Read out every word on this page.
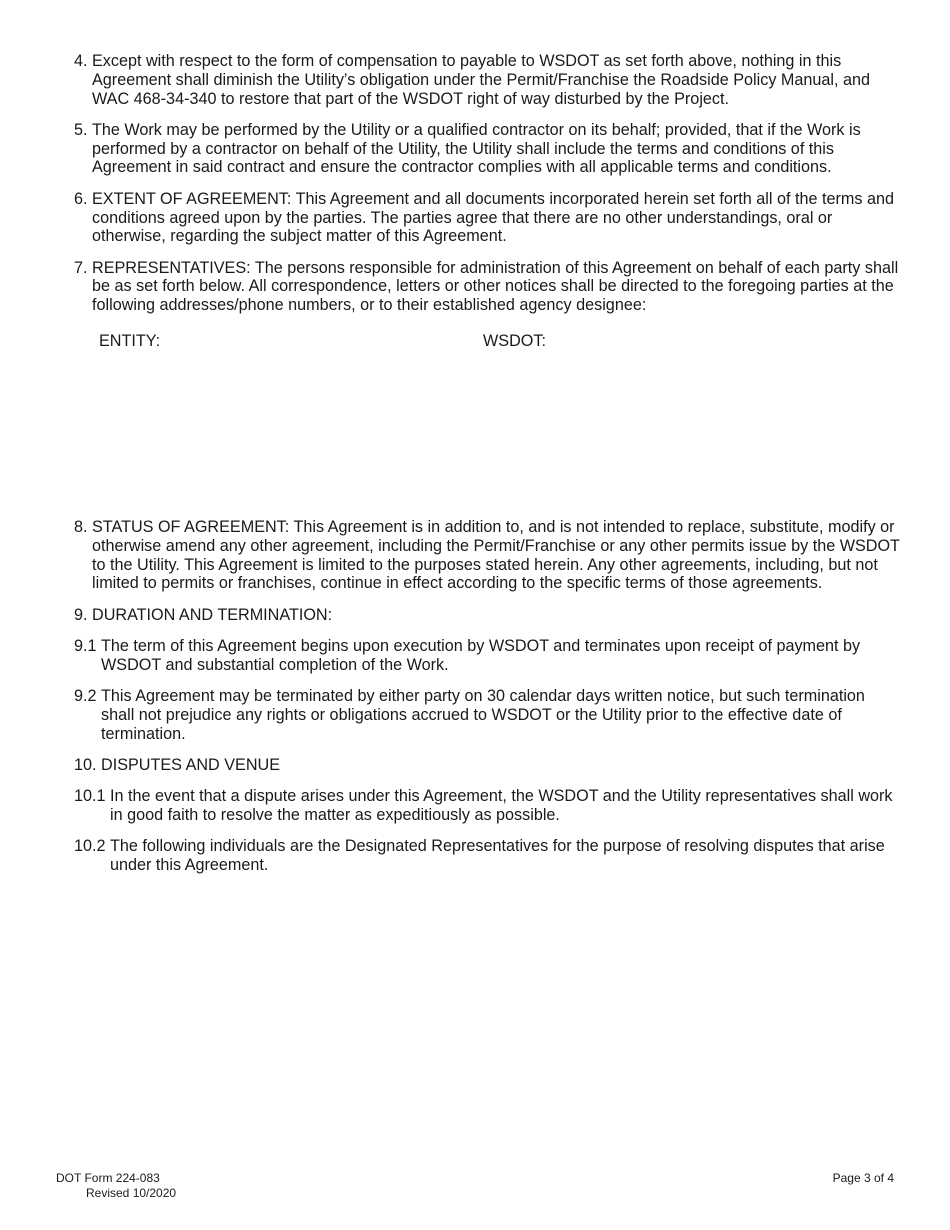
4. Except with respect to the form of compensation to payable to WSDOT as set forth above, nothing in this Agreement shall diminish the Utility’s obligation under the Permit/Franchise the Roadside Policy Manual, and WAC 468-34-340 to restore that part of the WSDOT right of way disturbed by the Project.
5. The Work may be performed by the Utility or a qualified contractor on its behalf; provided, that if the Work is performed by a contractor on behalf of the Utility, the Utility shall include the terms and conditions of this Agreement in said contract and ensure the contractor complies with all applicable terms and conditions.
6. EXTENT OF AGREEMENT: This Agreement and all documents incorporated herein set forth all of the terms and conditions agreed upon by the parties. The parties agree that there are no other understandings, oral or otherwise, regarding the subject matter of this Agreement.
7. REPRESENTATIVES: The persons responsible for administration of this Agreement on behalf of each party shall be as set forth below. All correspondence, letters or other notices shall be directed to the foregoing parties at the following addresses/phone numbers, or to their established agency designee:
ENTITY:	WSDOT:
8. STATUS OF AGREEMENT: This Agreement is in addition to, and is not intended to replace, substitute, modify or otherwise amend any other agreement, including the Permit/Franchise or any other permits issue by the WSDOT to the Utility. This Agreement is limited to the purposes stated herein. Any other agreements, including, but not limited to permits or franchises, continue in effect according to the specific terms of those agreements.
9. DURATION AND TERMINATION:
9.1 The term of this Agreement begins upon execution by WSDOT and terminates upon receipt of payment by WSDOT and substantial completion of the Work.
9.2 This Agreement may be terminated by either party on 30 calendar days written notice, but such termination shall not prejudice any rights or obligations accrued to WSDOT or the Utility prior to the effective date of termination.
10. DISPUTES AND VENUE
10.1 In the event that a dispute arises under this Agreement, the WSDOT and the Utility representatives shall work in good faith to resolve the matter as expeditiously as possible.
10.2 The following individuals are the Designated Representatives for the purpose of resolving disputes that arise under this Agreement.
DOT Form 224-083
Revised 10/2020
Page 3 of 4
